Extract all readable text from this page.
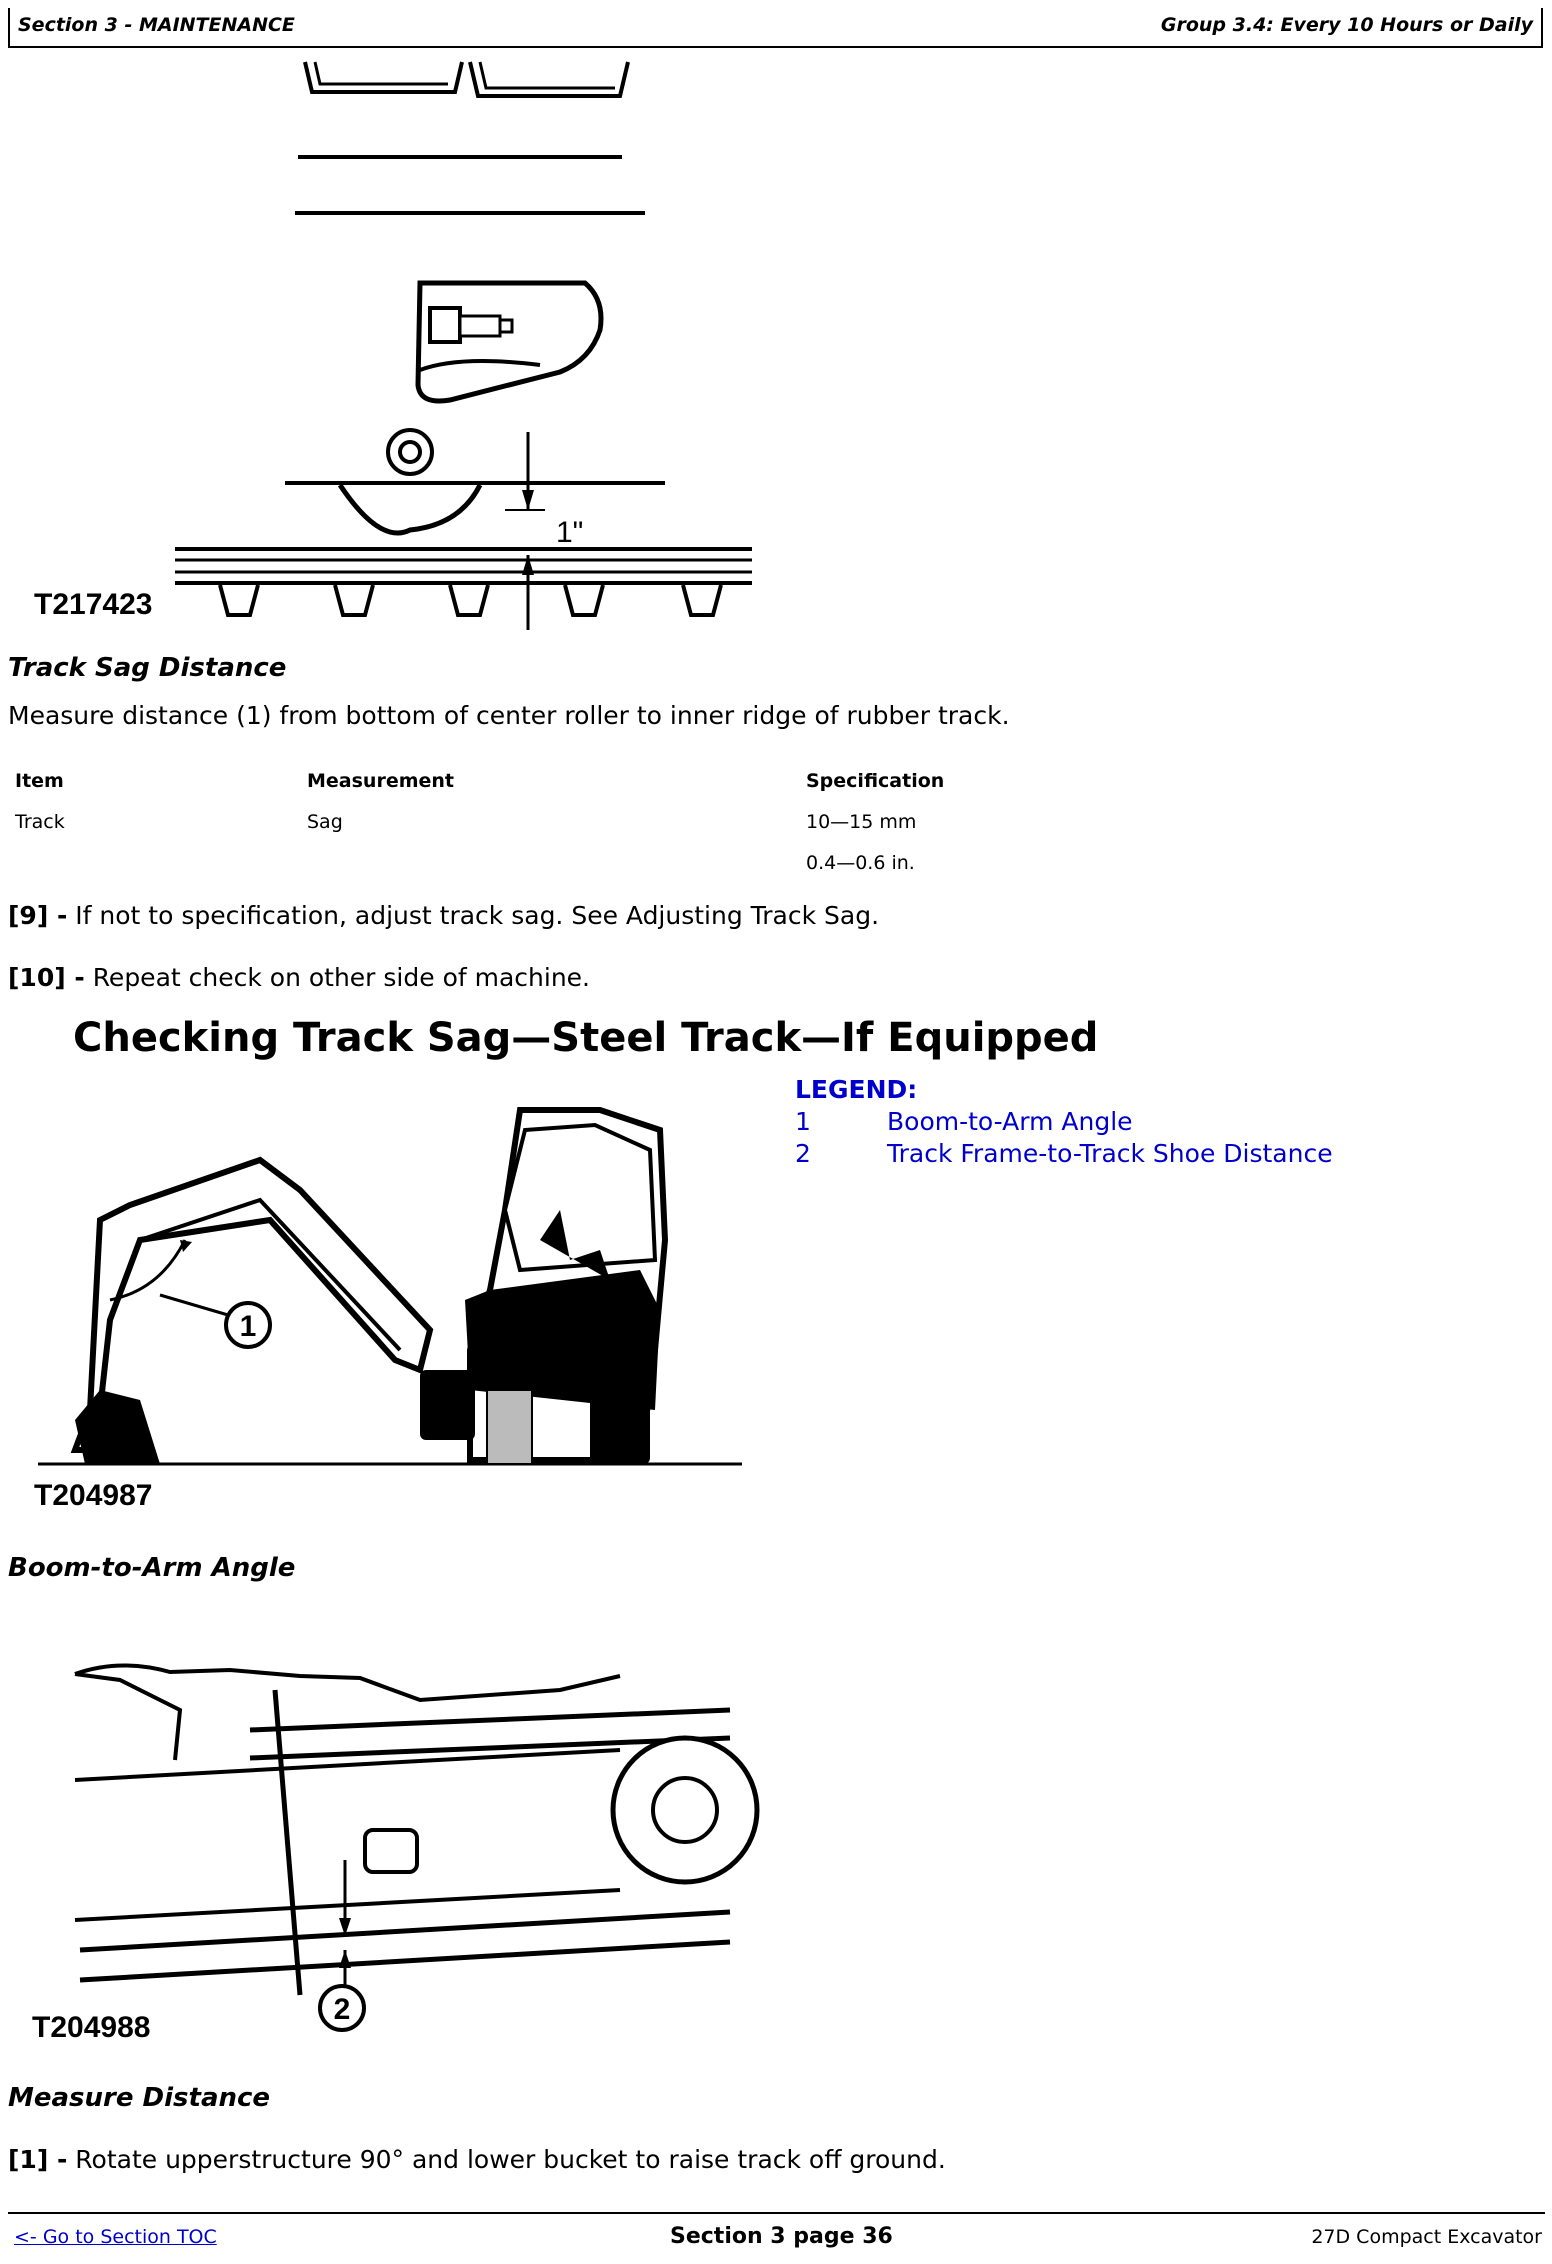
Section 3 - MAINTENANCE	Group 3.4: Every 10 Hours or Daily
1"
T217423
Track Sag Distance
Measure distance (1) from bottom of center roller to inner ridge of rubber track.
Item	Measurement	Specification
Track	Sag	10—15 mm
0.4—0.6 in.
[9] - If not to specification, adjust track sag. See Adjusting Track Sag.
[10] - Repeat check on other side of machine.
Checking Track Sag—Steel Track—If Equipped
LEGEND:
1	Boom-to-Arm Angle
2	Track Frame-to-Track Shoe Distance
1
T204987
Boom-to-Arm Angle
2
T204988
Measure Distance
[1] - Rotate upperstructure 90° and lower bucket to raise track off ground.
<- Go to Section TOC	Section 3 page 36	27D Compact Excavator
